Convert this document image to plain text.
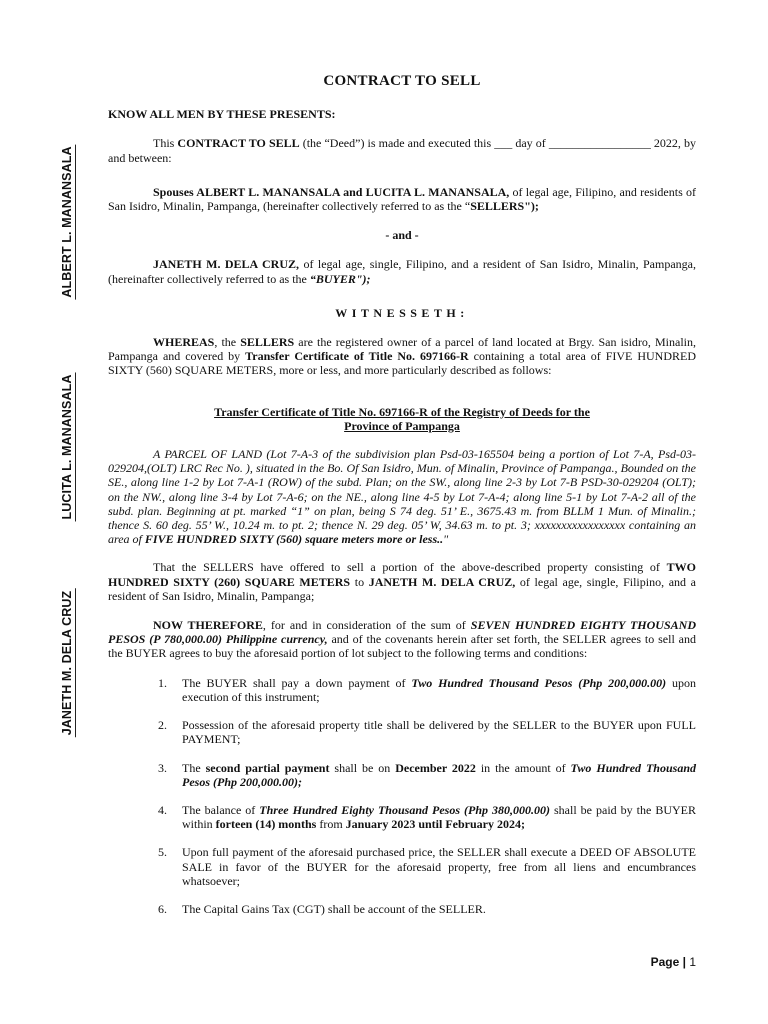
ALBERT L. MANANSALA
LUCITA L. MANANSALA
JANETH M. DELA CRUZ
CONTRACT TO SELL
KNOW ALL MEN BY THESE PRESENTS:

This CONTRACT TO SELL (the “Deed”) is made and executed this ___ day of _________________ 2022, by and between:

Spouses ALBERT L. MANANSALA and LUCITA L. MANANSALA, of legal age, Filipino, and residents of San Isidro, Minalin, Pampanga, (hereinafter collectively referred to as the “SELLERS");

- and -

JANETH M. DELA CRUZ, of legal age, single, Filipino, and a resident of San Isidro, Minalin, Pampanga, (hereinafter collectively referred to as the “BUYER");

WITNESSETH:

WHEREAS, the SELLERS are the registered owner of a parcel of land located at Brgy. San isidro, Minalin, Pampanga and covered by Transfer Certificate of Title No. 697166-R containing a total area of FIVE HUNDRED SIXTY (560) SQUARE METERS, more or less, and more particularly described as follows:

Transfer Certificate of Title No. 697166-R of the Registry of Deeds for the
Province of Pampanga

A PARCEL OF LAND (Lot 7-A-3 of the subdivision plan Psd-03-165504 being a portion of Lot 7-A, Psd-03-029204,(OLT) LRC Rec No. ), situated in the Bo. Of San Isidro, Mun. of Minalin, Province of Pampanga., Bounded on the SE., along line 1-2 by Lot 7-A-1 (ROW) of the subd. Plan; on the SW., along line 2-3 by Lot 7-B PSD-30-029204 (OLT); on the NW., along line 3-4 by Lot 7-A-6; on the NE., along line 4-5 by Lot 7-A-4; along line 5-1 by Lot 7-A-2 all of the subd. plan. Beginning at pt. marked “1” on plan, being S 74 deg. 51’ E., 3675.43 m. from BLLM 1 Mun. of Minalin.; thence S. 60 deg. 55’ W., 10.24 m. to pt. 2; thence N. 29 deg. 05’ W, 34.63 m. to pt. 3; xxxxxxxxxxxxxxxxx containing an area of FIVE HUNDRED SIXTY (560) square meters more or less.."

That the SELLERS have offered to sell a portion of the above-described property consisting of TWO HUNDRED SIXTY (260) SQUARE METERS to JANETH M. DELA CRUZ, of legal age, single, Filipino, and a resident of San Isidro, Minalin, Pampanga;

NOW THEREFORE, for and in consideration of the sum of SEVEN HUNDRED EIGHTY THOUSAND PESOS (P 780,000.00) Philippine currency, and of the covenants herein after set forth, the SELLER agrees to sell and the BUYER agrees to buy the aforesaid portion of lot subject to the following terms and conditions:

1. The BUYER shall pay a down payment of Two Hundred Thousand Pesos (Php 200,000.00) upon execution of this instrument;
2. Possession of the aforesaid property title shall be delivered by the SELLER to the BUYER upon FULL PAYMENT;
3. The second partial payment shall be on December 2022 in the amount of Two Hundred Thousand Pesos (Php 200,000.00);
4. The balance of Three Hundred Eighty Thousand Pesos (Php 380,000.00) shall be paid by the BUYER within forteen (14) months from January 2023 until February 2024;
5. Upon full payment of the aforesaid purchased price, the SELLER shall execute a DEED OF ABSOLUTE SALE in favor of the BUYER for the aforesaid property, free from all liens and encumbrances whatsoever;
6. The Capital Gains Tax (CGT) shall be account of the SELLER.
Page | 1
